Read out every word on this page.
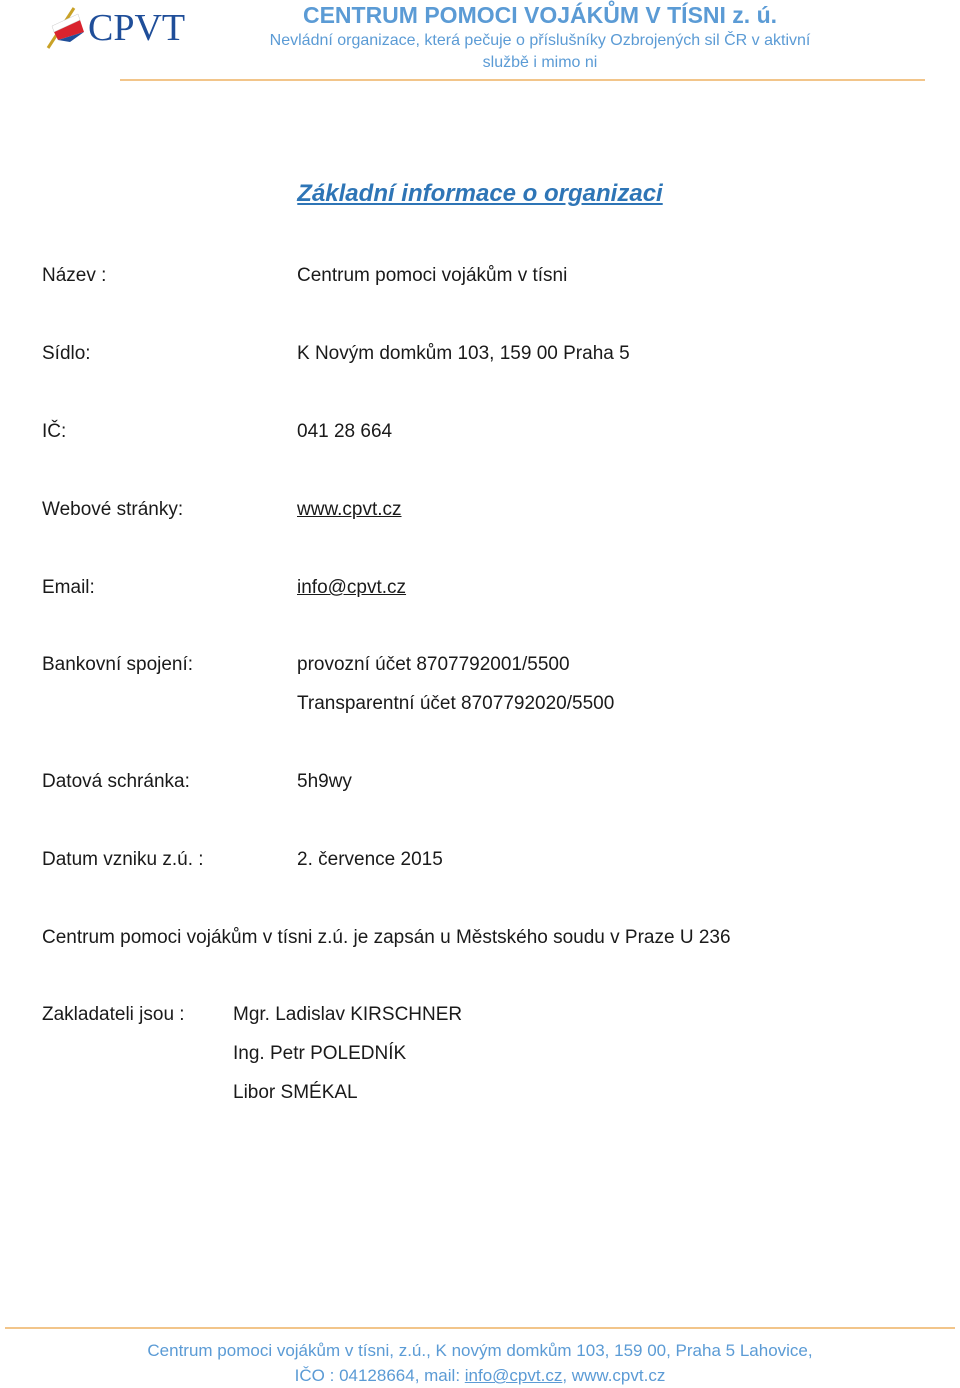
CPVT	CENTRUM POMOCI VOJÁKŮM V TÍSNI z. ú.
Nevládní organizace, která pečuje o příslušníky Ozbrojených sil ČR v aktivní
službě i mimo ni
Základní informace o organizaci
Název :	Centrum pomoci vojákům v tísni
Sídlo:	K Novým domkům 103, 159 00 Praha 5
IČ:	041 28 664
Webové stránky:	www.cpvt.cz
Email:	info@cpvt.cz
Bankovní spojení:	provozní účet 8707792001/5500
Transparentní účet 8707792020/5500
Datová schránka:	5h9wy
Datum vzniku z.ú. :	2. července 2015
Centrum pomoci vojákům v tísni z.ú. je zapsán u Městského soudu v Praze U 236
Zakladateli jsou :	Mgr. Ladislav KIRSCHNER
Ing. Petr POLEDNÍK
Libor SMÉKAL
Centrum pomoci vojákům v tísni, z.ú., K novým domkům 103, 159 00, Praha 5 Lahovice,
IČO : 04128664, mail: info@cpvt.cz, www.cpvt.cz
